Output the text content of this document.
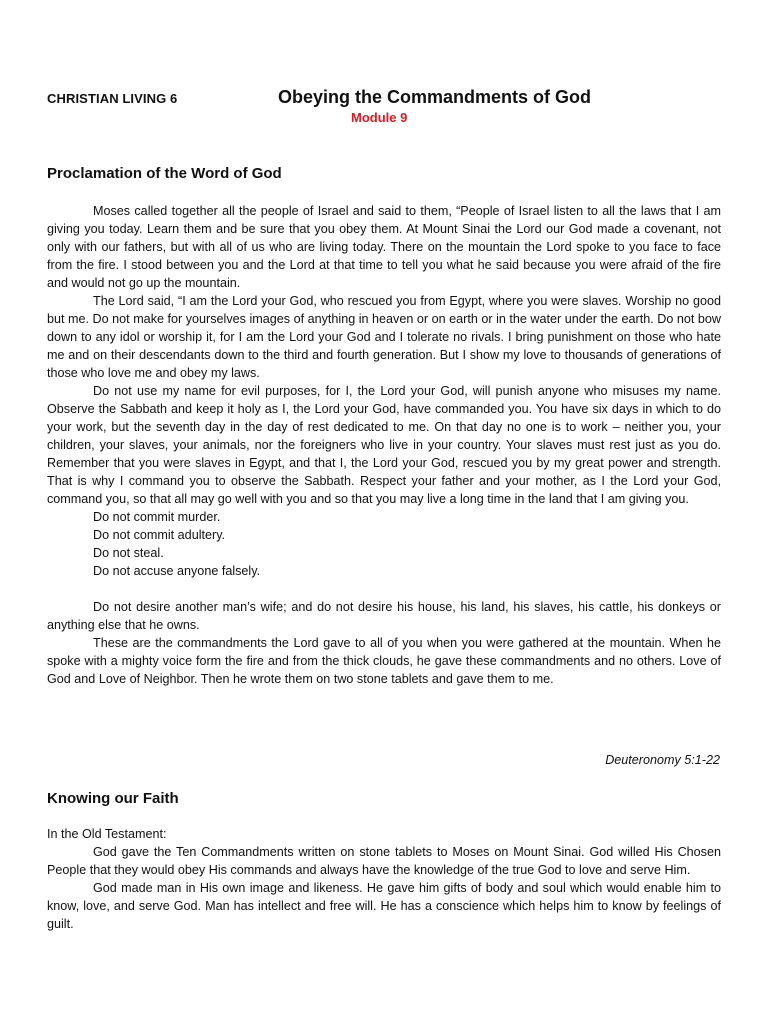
CHRISTIAN LIVING 6	Obeying the Commandments of God
Module 9
Proclamation of the Word of God

Moses called together all the people of Israel and said to them, “People of Israel listen to all the laws that I am giving you today. Learn them and be sure that you obey them. At Mount Sinai the Lord our God made a covenant, not only with our fathers, but with all of us who are living today. There on the mountain the Lord spoke to you face to face from the fire. I stood between you and the Lord at that time to tell you what he said because you were afraid of the fire and would not go up the mountain.

The Lord said, “I am the Lord your God, who rescued you from Egypt, where you were slaves. Worship no good but me. Do not make for yourselves images of anything in heaven or on earth or in the water under the earth. Do not bow down to any idol or worship it, for I am the Lord your God and I tolerate no rivals. I bring punishment on those who hate me and on their descendants down to the third and fourth generation. But I show my love to thousands of generations of those who love me and obey my laws.

Do not use my name for evil purposes, for I, the Lord your God, will punish anyone who misuses my name. Observe the Sabbath and keep it holy as I, the Lord your God, have commanded you. You have six days in which to do your work, but the seventh day in the day of rest dedicated to me. On that day no one is to work – neither you, your children, your slaves, your animals, nor the foreigners who live in your country. Your slaves must rest just as you do. Remember that you were slaves in Egypt, and that I, the Lord your God, rescued you by my great power and strength. That is why I command you to observe the Sabbath. Respect your father and your mother, as I the Lord your God, command you, so that all may go well with you and so that you may live a long time in the land that I am giving you.

Do not commit murder.
Do not commit adultery.
Do not steal.
Do not accuse anyone falsely.

Do not desire another man’s wife; and do not desire his house, his land, his slaves, his cattle, his donkeys or anything else that he owns.

These are the commandments the Lord gave to all of you when you were gathered at the mountain. When he spoke with a mighty voice form the fire and from the thick clouds, he gave these commandments and no others. Love of God and Love of Neighbor. Then he wrote them on two stone tablets and gave them to me.

Deuteronomy 5:1-22
Knowing our Faith
In the Old Testament:

God gave the Ten Commandments written on stone tablets to Moses on Mount Sinai. God willed His Chosen People that they would obey His commands and always have the knowledge of the true God to love and serve Him.

God made man in His own image and likeness. He gave him gifts of body and soul which would enable him to know, love, and serve God. Man has intellect and free will. He has a conscience which helps him to know by feelings of guilt.
